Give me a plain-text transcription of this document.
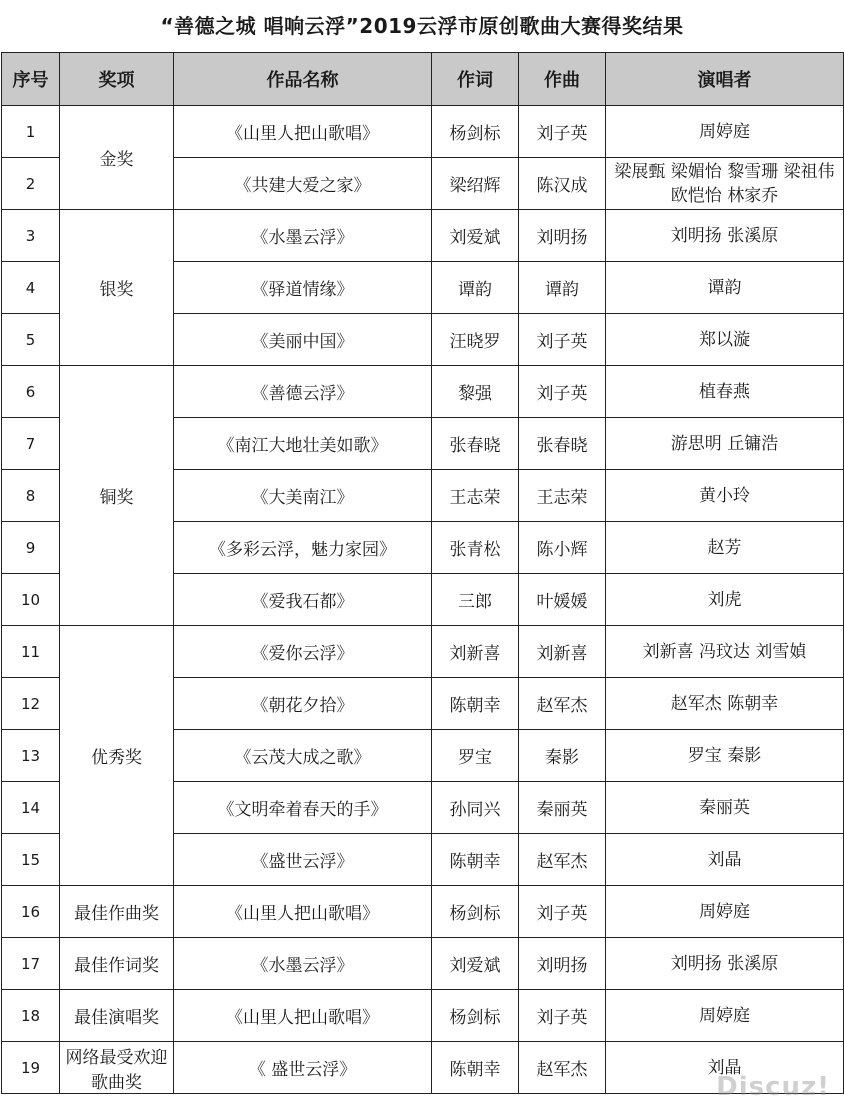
“善德之城 唱响云浮”2019云浮市原创歌曲大赛得奖结果
序号	奖项	作品名称	作词	作曲	演唱者
1	金奖	《山里人把山歌唱》	杨剑标	刘子英	周婷庭
2		《共建大爱之家》	梁绍辉	陈汉成	梁展甄 梁媚怡 黎雪珊 梁祖伟 欧恺怡 林家乔
3	银奖	《水墨云浮》	刘爱斌	刘明扬	刘明扬 张溪原
4		《驿道情缘》	谭韵	谭韵	谭韵
5		《美丽中国》	汪晓罗	刘子英	郑以漩
6	铜奖	《善德云浮》	黎强	刘子英	植春燕
7		《南江大地壮美如歌》	张春晓	张春晓	游思明 丘镛浩
8		《大美南江》	王志荣	王志荣	黄小玲
9		《多彩云浮，魅力家园》	张青松	陈小辉	赵芳
10		《爱我石都》	三郎	叶媛媛	刘虎
11	优秀奖	《爱你云浮》	刘新喜	刘新喜	刘新喜 冯玟达 刘雪媜
12		《朝花夕拾》	陈朝幸	赵军杰	赵军杰 陈朝幸
13		《云茂大成之歌》	罗宝	秦影	罗宝 秦影
14		《文明牵着春天的手》	孙同兴	秦丽英	秦丽英
15		《盛世云浮》	陈朝幸	赵军杰	刘晶
16	最佳作曲奖	《山里人把山歌唱》	杨剑标	刘子英	周婷庭
17	最佳作词奖	《水墨云浮》	刘爱斌	刘明扬	刘明扬 张溪原
18	最佳演唱奖	《山里人把山歌唱》	杨剑标	刘子英	周婷庭
19	网络最受欢迎歌曲奖	《 盛世云浮》	陈朝幸	赵军杰	刘晶
Discuz!
